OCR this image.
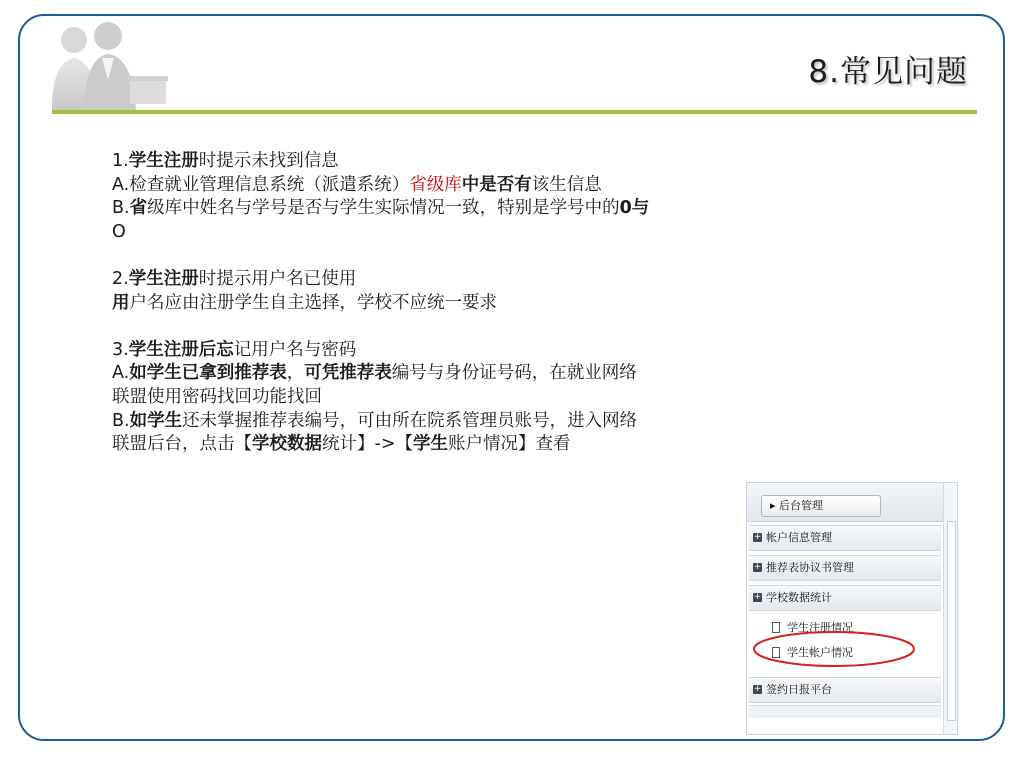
8.常见问题

1.学生注册时提示未找到信息

A.检查就业管理信息系统（派遣系统）省级库中是否有该生信息

B.省级库中姓名与学号是否与学生实际情况一致，特别是学号中的0与

O

2.学生注册时提示用户名已使用

用户名应由注册学生自主选择，学校不应统一要求

3.学生注册后忘记用户名与密码

A.如学生已拿到推荐表，可凭推荐表编号与身份证号码，在就业网络

联盟使用密码找回功能找回

B.如学生还未掌握推荐表编号，可由所在院系管理员账号，进入网络

联盟后台，点击【学校数据统计】->【学生账户情况】查看

▸ 后台管理
+ 帐户信息管理
+ 推荐表协议书管理
+ 学校数据统计
学生注册情况
学生帐户情况
+ 签约日报平台
